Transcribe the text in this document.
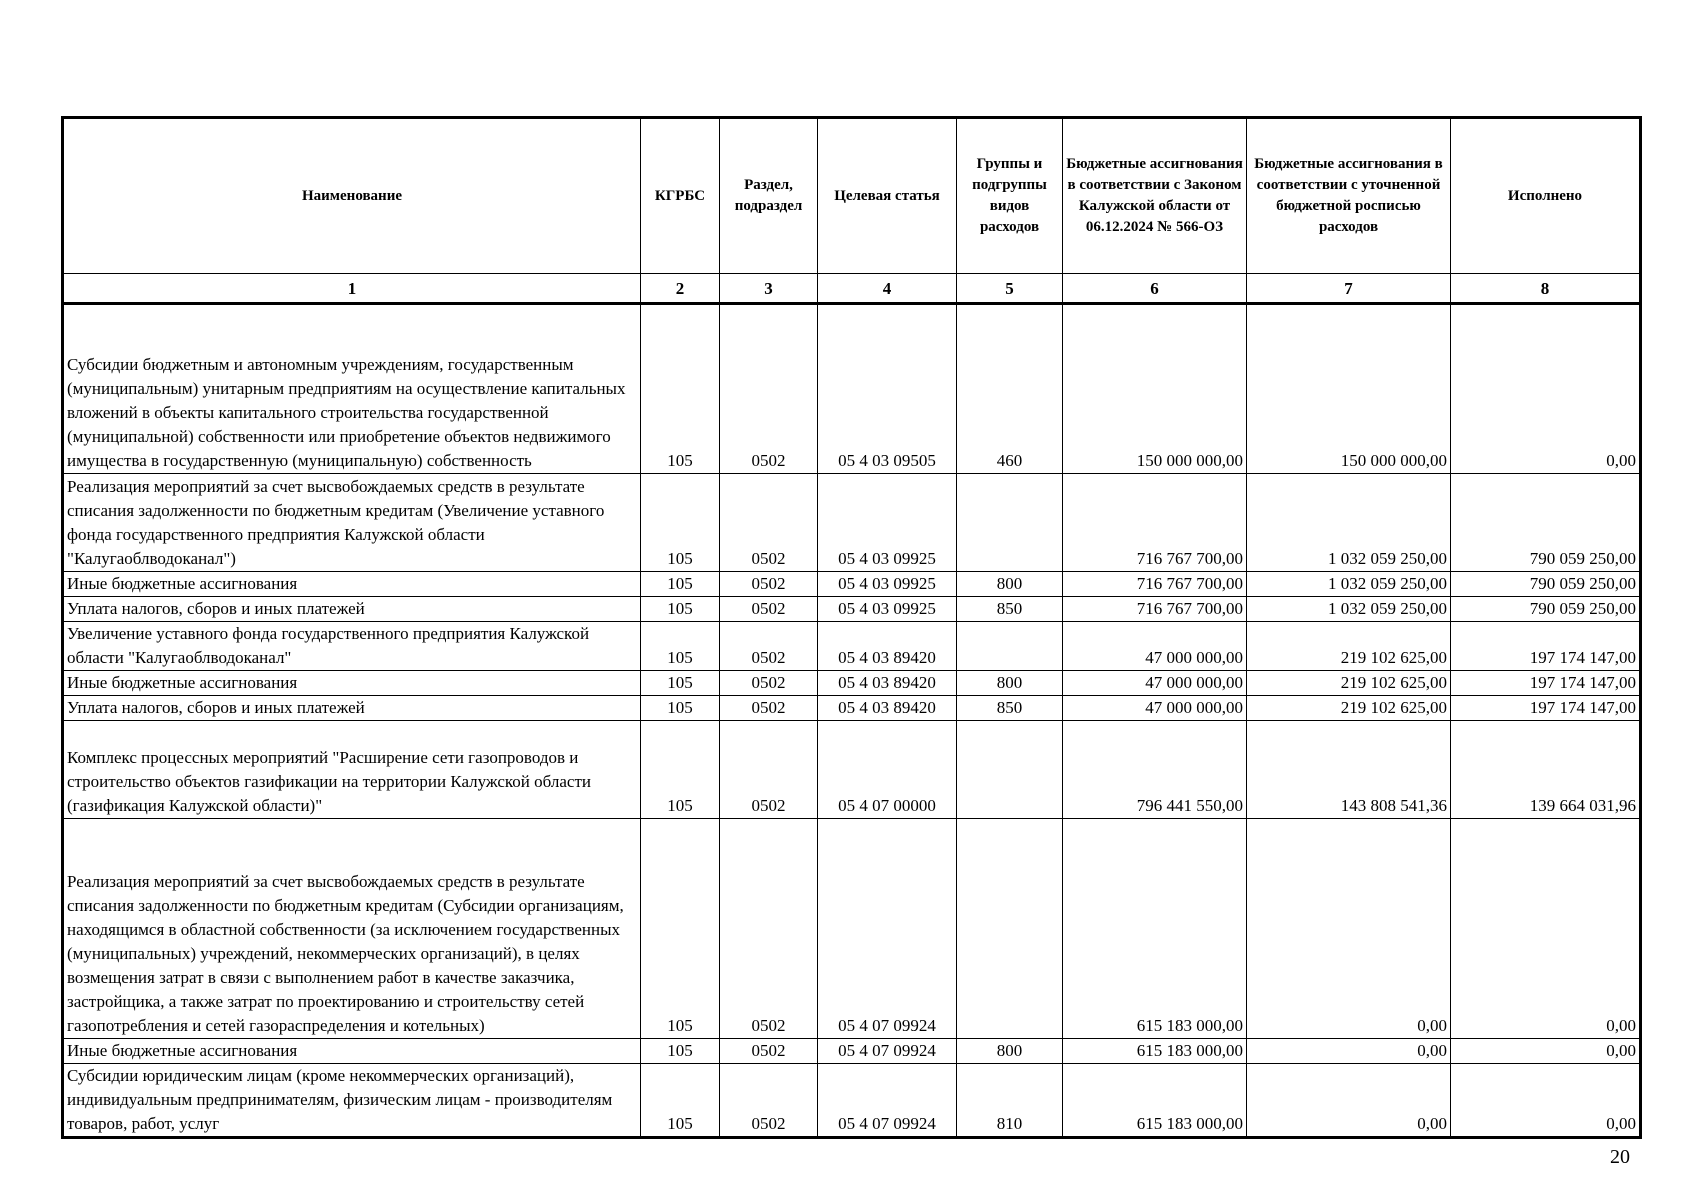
Наименование	КГРБС	Раздел, подраздел	Целевая статья	Группы и подгруппы видов расходов	Бюджетные ассигнования в соответствии с Законом Калужской области от 06.12.2024 № 566-ОЗ	Бюджетные ассигнования в соответствии с уточненной бюджетной росписью расходов	Исполнено
1	2	3	4	5	6	7	8
Субсидии бюджетным и автономным учреждениям, государственным (муниципальным) унитарным предприятиям на осуществление капитальных вложений в объекты капитального строительства государственной (муниципальной) собственности или приобретение объектов недвижимого имущества в государственную (муниципальную) собственность	105	0502	05 4 03 09505	460	150 000 000,00	150 000 000,00	0,00
Реализация мероприятий за счет высвобождаемых средств в результате списания задолженности по бюджетным кредитам (Увеличение уставного фонда государственного предприятия Калужской области "Калугаоблводоканал")	105	0502	05 4 03 09925		716 767 700,00	1 032 059 250,00	790 059 250,00
Иные бюджетные ассигнования	105	0502	05 4 03 09925	800	716 767 700,00	1 032 059 250,00	790 059 250,00
Уплата налогов, сборов и иных платежей	105	0502	05 4 03 09925	850	716 767 700,00	1 032 059 250,00	790 059 250,00
Увеличение уставного фонда государственного предприятия Калужской области "Калугаоблводоканал"	105	0502	05 4 03 89420		47 000 000,00	219 102 625,00	197 174 147,00
Иные бюджетные ассигнования	105	0502	05 4 03 89420	800	47 000 000,00	219 102 625,00	197 174 147,00
Уплата налогов, сборов и иных платежей	105	0502	05 4 03 89420	850	47 000 000,00	219 102 625,00	197 174 147,00
Комплекс процессных мероприятий "Расширение сети газопроводов и строительство объектов газификации на территории Калужской области (газификация Калужской области)"	105	0502	05 4 07 00000		796 441 550,00	143 808 541,36	139 664 031,96
Реализация мероприятий за счет высвобождаемых средств в результате списания задолженности по бюджетным кредитам (Субсидии организациям, находящимся в областной собственности (за исключением государственных (муниципальных) учреждений, некоммерческих организаций), в целях возмещения затрат в связи с выполнением работ в качестве заказчика, застройщика, а также затрат по проектированию и строительству сетей газопотребления и сетей газораспределения и котельных)	105	0502	05 4 07 09924		615 183 000,00	0,00	0,00
Иные бюджетные ассигнования	105	0502	05 4 07 09924	800	615 183 000,00	0,00	0,00
Субсидии юридическим лицам (кроме некоммерческих организаций), индивидуальным предпринимателям, физическим лицам - производителям товаров, работ, услуг	105	0502	05 4 07 09924	810	615 183 000,00	0,00	0,00
20
